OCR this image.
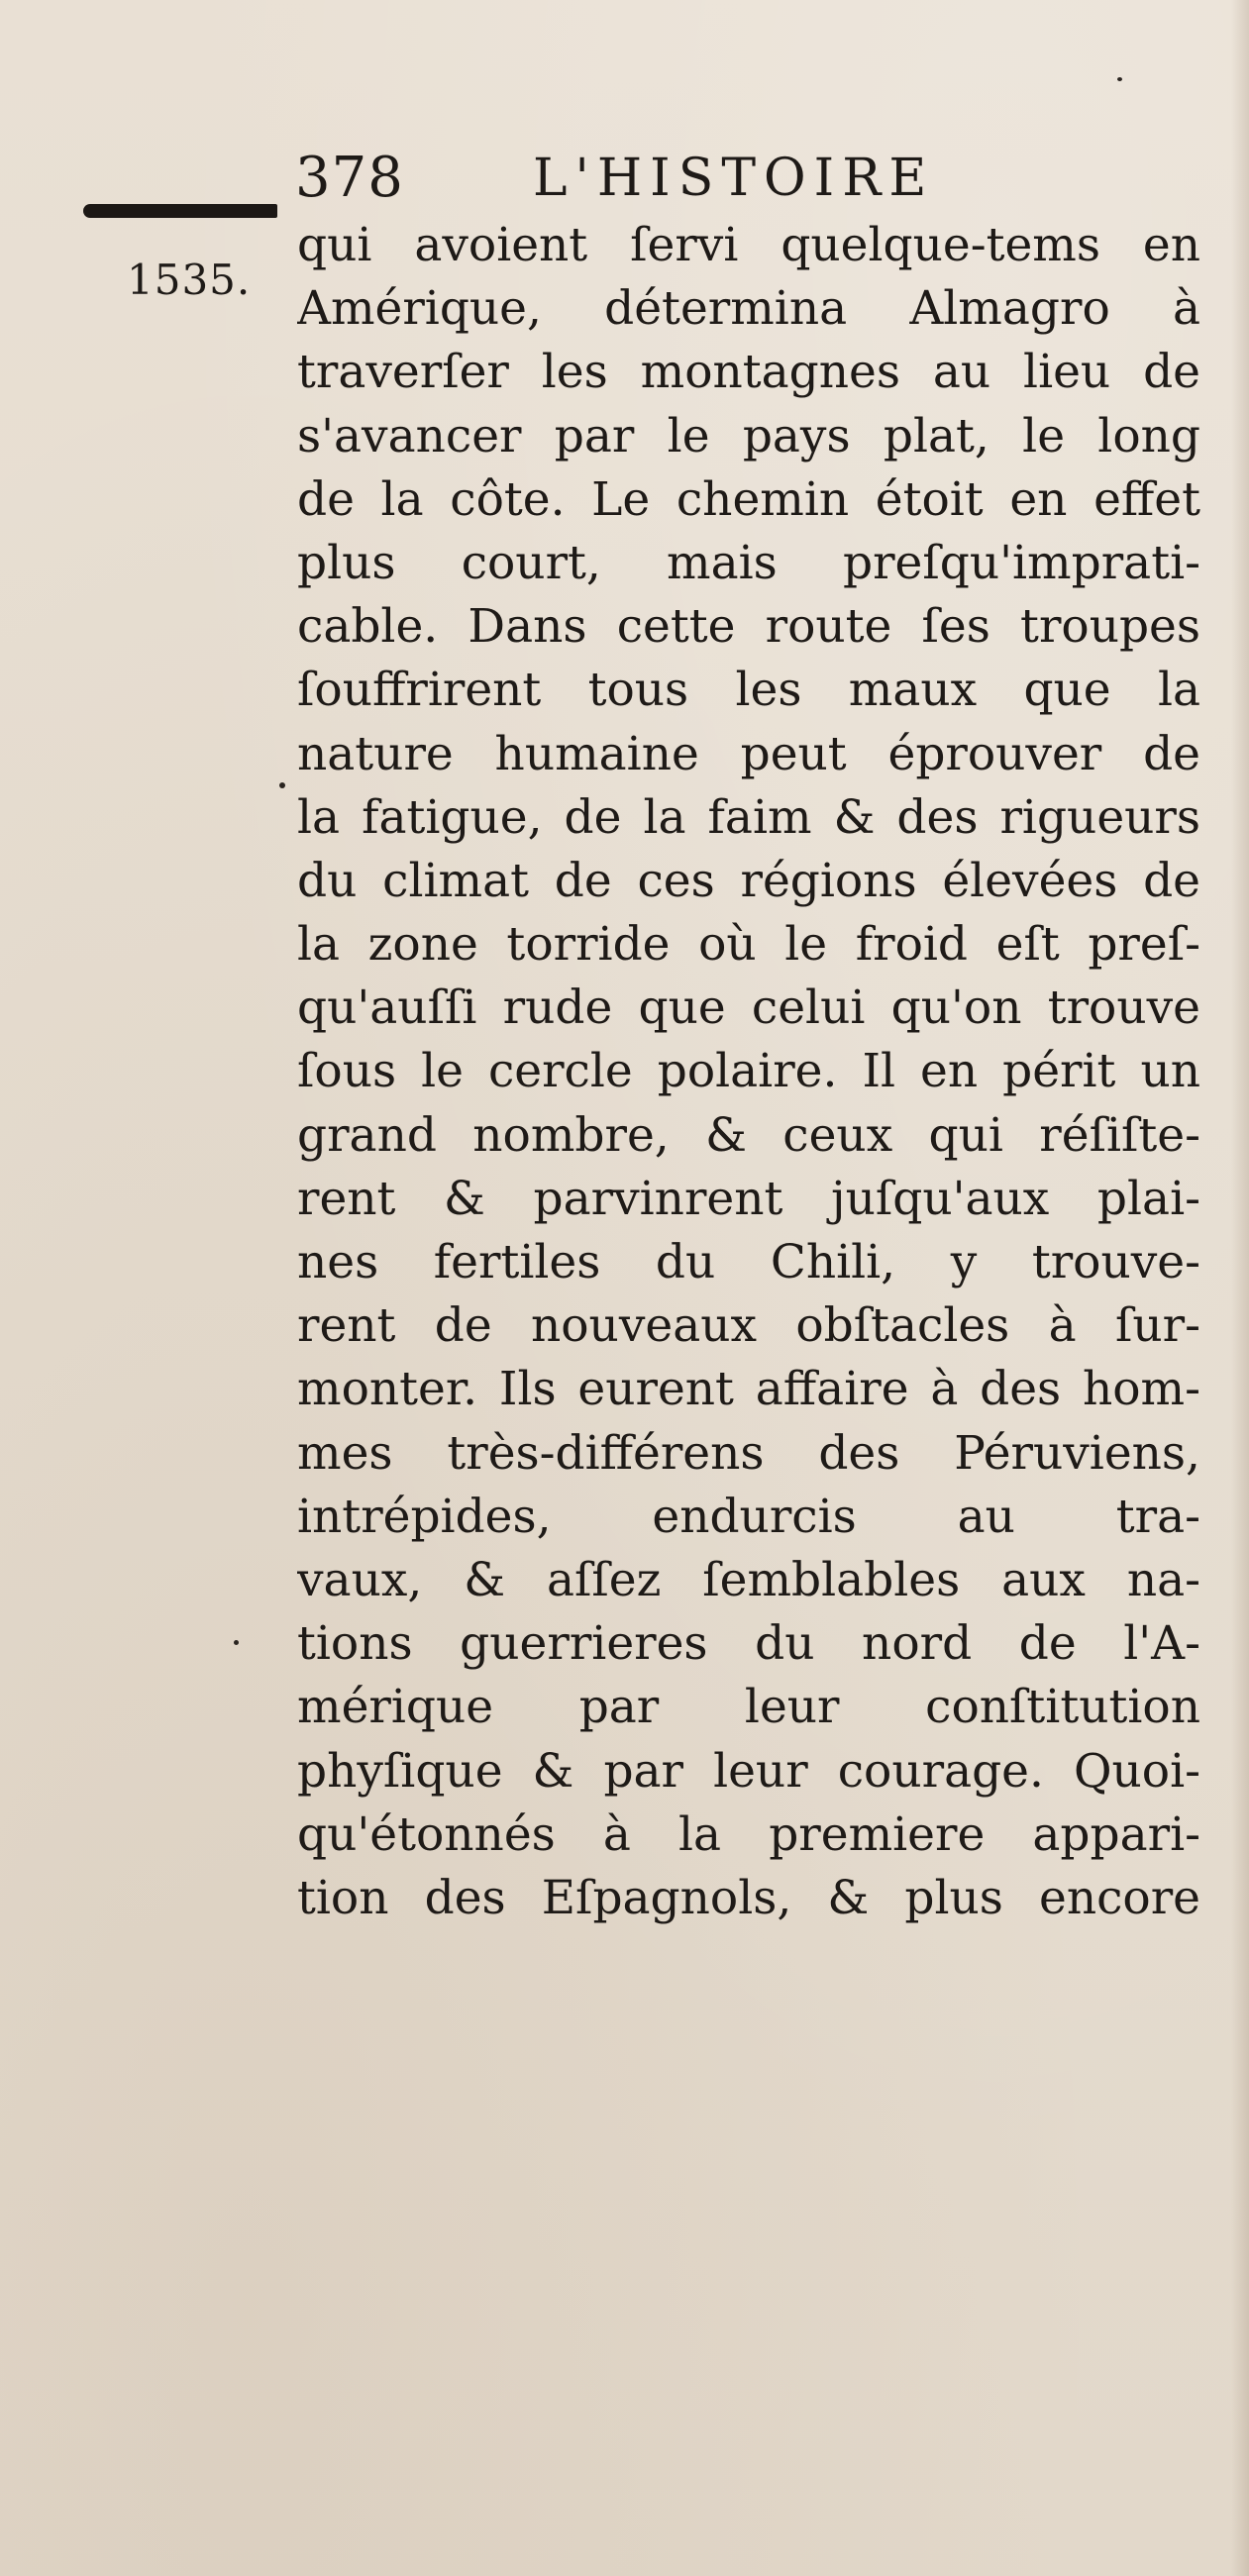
378	L'HISTOIRE
1535.
qui avoient ſervi quelque-tems en
Amérique, détermina Almagro à
traverſer les montagnes au lieu de
s'avancer par le pays plat, le long
de la côte. Le chemin étoit en effet
plus court, mais preſqu'imprati-
cable. Dans cette route ſes troupes
ſouffrirent tous les maux que la
nature humaine peut éprouver de
la fatigue, de la faim & des rigueurs
du climat de ces régions élevées de
la zone torride où le froid eſt preſ-
qu'auſſi rude que celui qu'on trouve
ſous le cercle polaire. Il en périt un
grand nombre, & ceux qui réſiſte-
rent & parvinrent juſqu'aux plai-
nes fertiles du Chili, y trouve-
rent de nouveaux obſtacles à ſur-
monter. Ils eurent affaire à des hom-
mes très-différens des Péruviens,
intrépides, endurcis au tra-
vaux, & aſſez ſemblables aux na-
tions guerrieres du nord de l'A-
mérique par leur conſtitution
phyſique & par leur courage. Quoi-
qu'étonnés à la premiere appari-
tion des Eſpagnols, & plus encore
